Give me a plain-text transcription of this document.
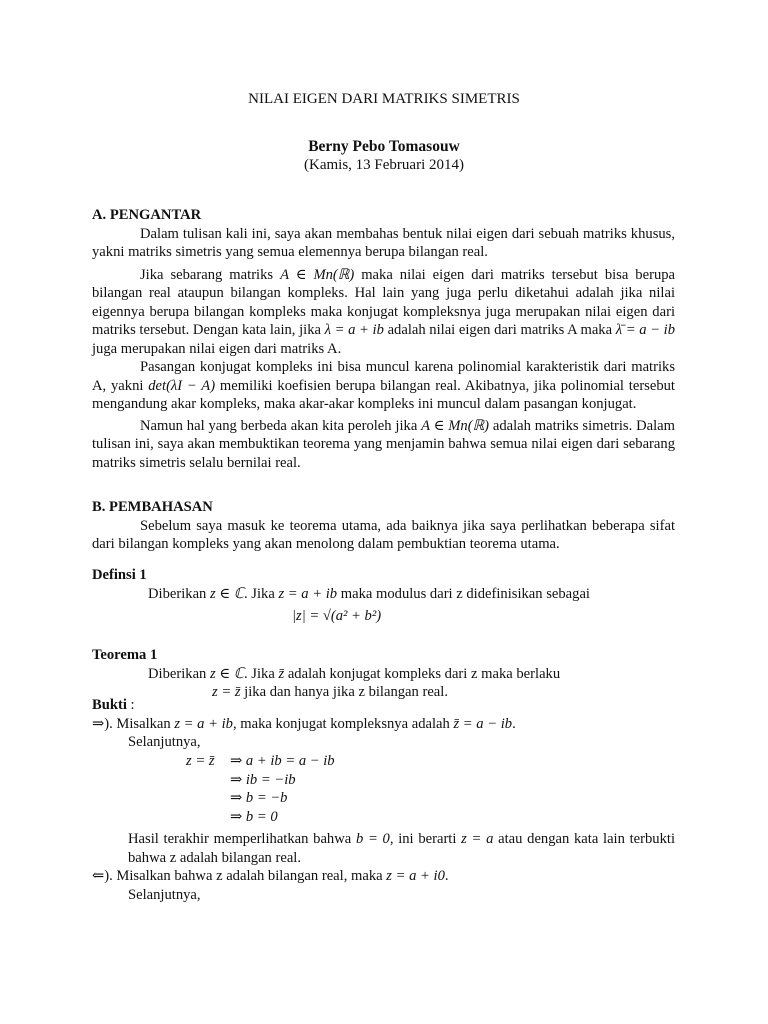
NILAI EIGEN DARI MATRIKS SIMETRIS
Berny Pebo Tomasouw
(Kamis, 13 Februari 2014)
A. PENGANTAR

Dalam tulisan kali ini, saya akan membahas bentuk nilai eigen dari sebuah matriks khusus, yakni matriks simetris yang semua elemennya berupa bilangan real.

Jika sebarang matriks A ∈ Mn(ℝ) maka nilai eigen dari matriks tersebut bisa berupa bilangan real ataupun bilangan kompleks. Hal lain yang juga perlu diketahui adalah jika nilai eigennya berupa bilangan kompleks maka konjugat kompleksnya juga merupakan nilai eigen dari matriks tersebut. Dengan kata lain, jika λ = a + ib adalah nilai eigen dari matriks A maka λ̄ = a − ib juga merupakan nilai eigen dari matriks A.

Pasangan konjugat kompleks ini bisa muncul karena polinomial karakteristik dari matriks A, yakni det(λI − A) memiliki koefisien berupa bilangan real. Akibatnya, jika polinomial tersebut mengandung akar kompleks, maka akar-akar kompleks ini muncul dalam pasangan konjugat.

Namun hal yang berbeda akan kita peroleh jika A ∈ Mn(ℝ) adalah matriks simetris. Dalam tulisan ini, saya akan membuktikan teorema yang menjamin bahwa semua nilai eigen dari sebarang matriks simetris selalu bernilai real.

B. PEMBAHASAN

Sebelum saya masuk ke teorema utama, ada baiknya jika saya perlihatkan beberapa sifat dari bilangan kompleks yang akan menolong dalam pembuktian teorema utama.

Definsi 1
Diberikan z ∈ ℂ. Jika z = a + ib maka modulus dari z didefinisikan sebagai
|z| = √(a² + b²)
Teorema 1
Diberikan z ∈ ℂ. Jika z̄ adalah konjugat kompleks dari z maka berlaku
z = z̄ jika dan hanya jika z bilangan real.
Bukti :
⇒). Misalkan z = a + ib, maka konjugat kompleksnya adalah z̄ = a − ib.
Selanjutnya,
z = z̄ ⇒ a + ib = a − ib
⇒ ib = −ib
⇒ b = −b
⇒ b = 0

Hasil terakhir memperlihatkan bahwa b = 0, ini berarti z = a atau dengan kata lain terbukti bahwa z adalah bilangan real.

⇐). Misalkan bahwa z adalah bilangan real, maka z = a + i0.
Selanjutnya,
